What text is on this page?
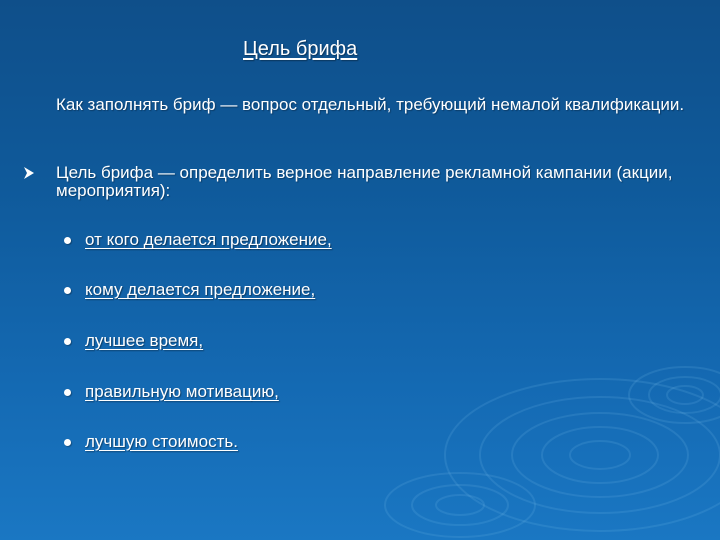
Цель брифа
Как заполнять бриф — вопрос отдельный, требующий немалой квалификации.
Цель брифа — определить верное направление рекламной кампании (акции, мероприятия):
от кого делается предложение,
кому делается предложение,
лучшее время,
правильную мотивацию,
лучшую стоимость.
